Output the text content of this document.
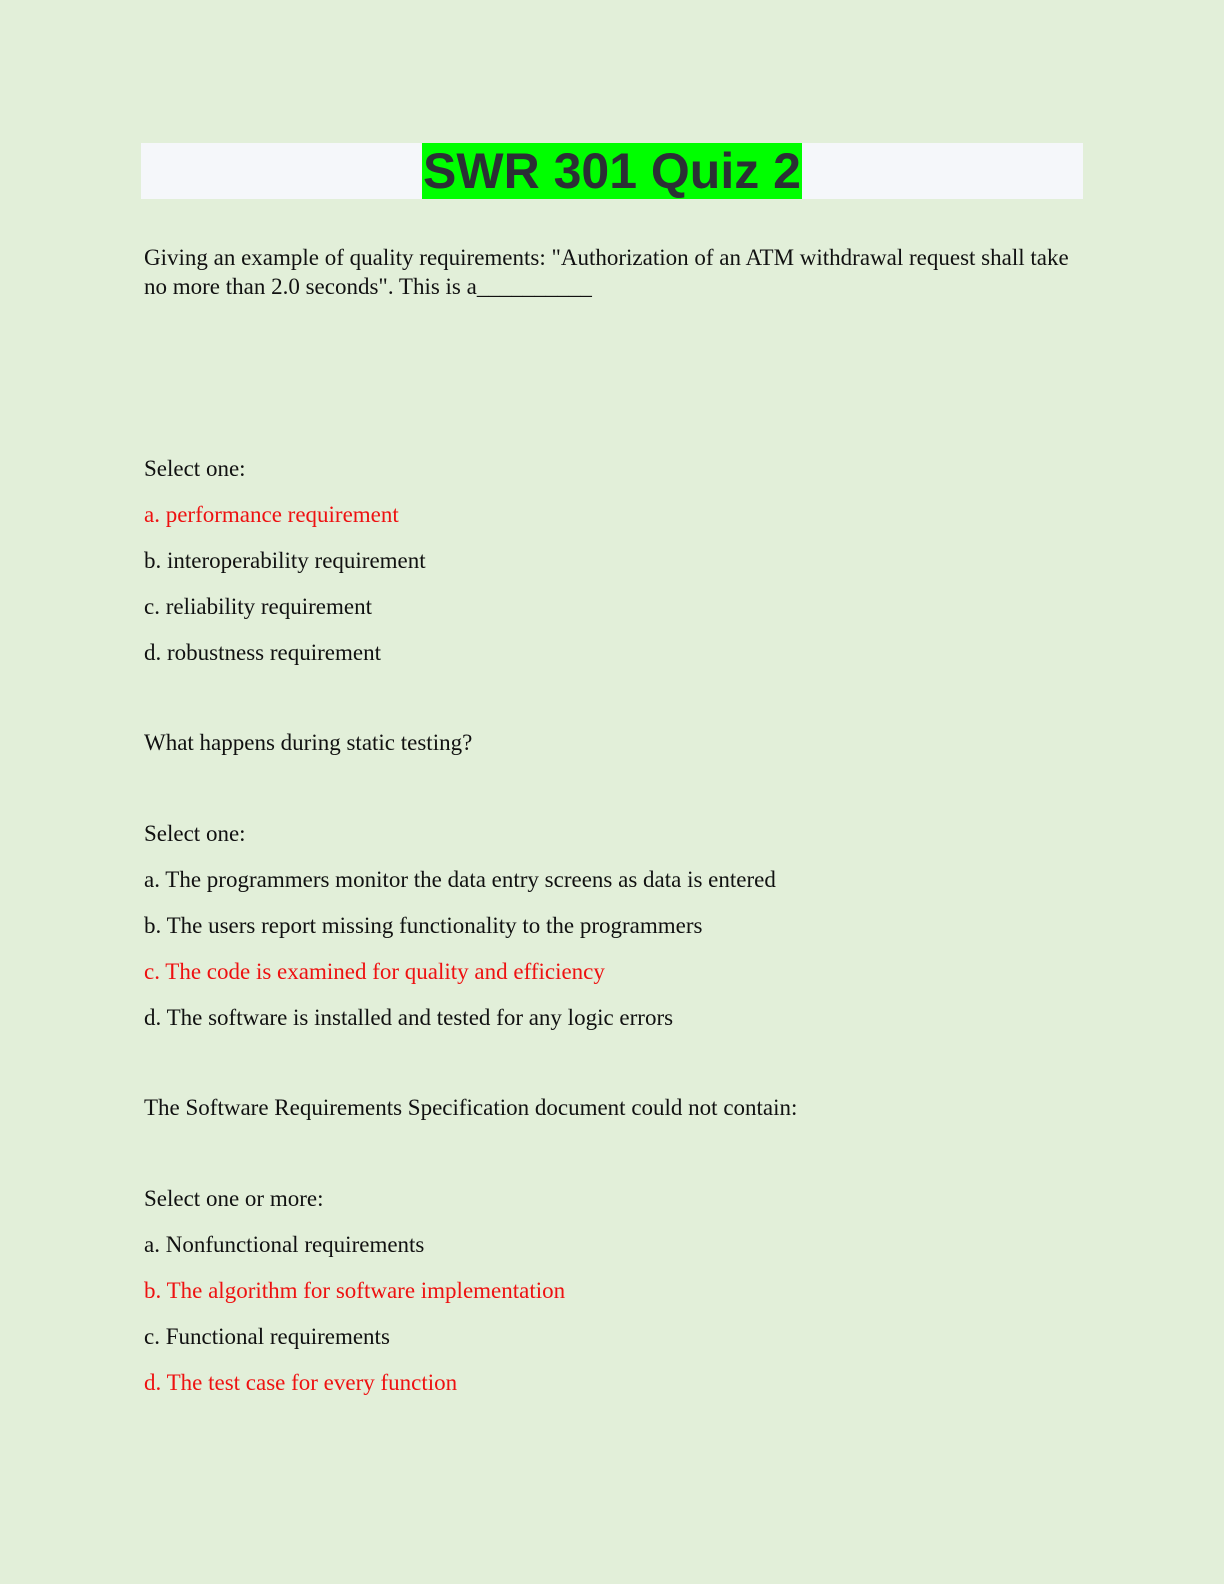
SWR 301 Quiz 2

Giving an example of quality requirements: "Authorization of an ATM withdrawal request shall take no more than 2.0 seconds". This is a__________

Select one:

a. performance requirement

b. interoperability requirement

c. reliability requirement

d. robustness requirement

What happens during static testing?

Select one:

a. The programmers monitor the data entry screens as data is entered

b. The users report missing functionality to the programmers

c. The code is examined for quality and efficiency

d. The software is installed and tested for any logic errors

The Software Requirements Specification document could not contain:

Select one or more:

a. Nonfunctional requirements

b. The algorithm for software implementation

c. Functional requirements

d. The test case for every function
